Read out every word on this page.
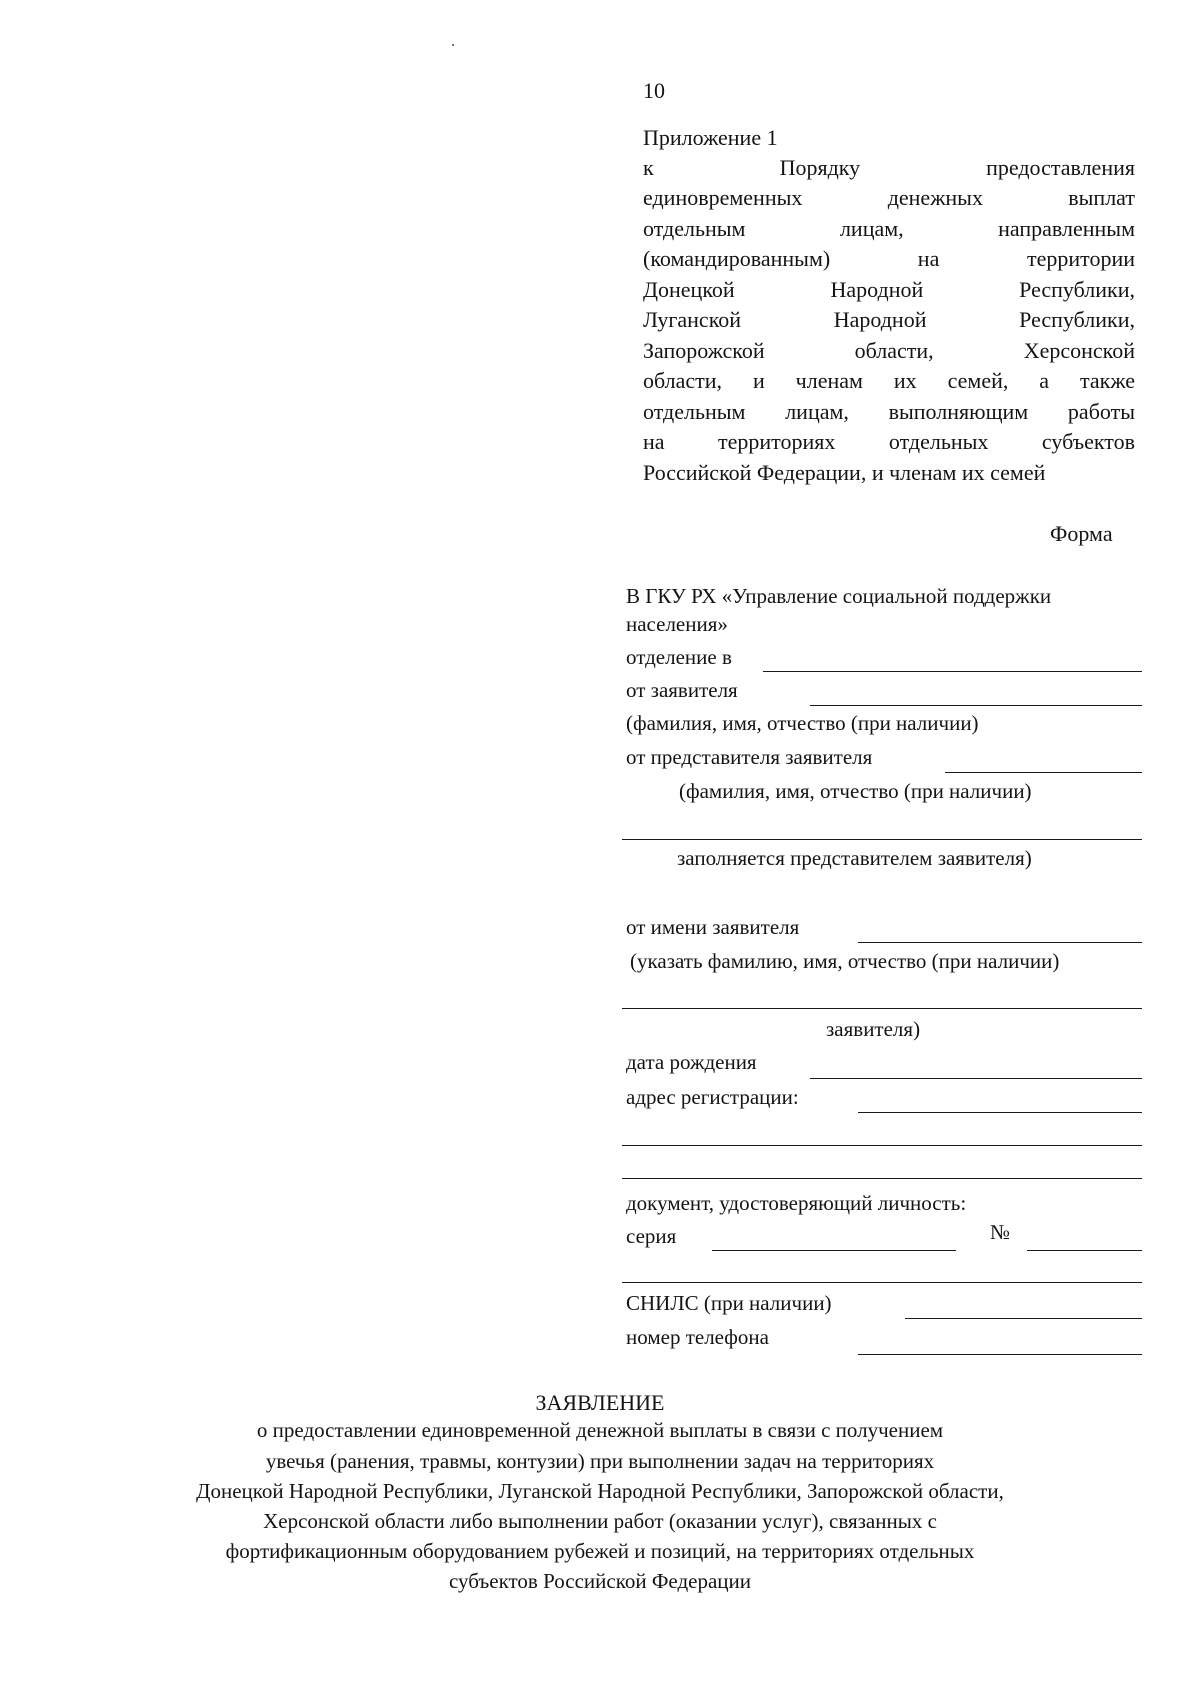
10
Приложение 1
к Порядку предоставления
единовременных денежных выплат
отдельным лицам, направленным
(командированным) на территории
Донецкой Народной Республики,
Луганской Народной Республики,
Запорожской области, Херсонской
области, и членам их семей, а также
отдельным лицам, выполняющим работы
на территориях отдельных субъектов
Российской Федерации, и членам их семей
Форма
В ГКУ РХ «Управление социальной поддержки
населения»
отделение в
от заявителя
(фамилия, имя, отчество (при наличии)
от представителя заявителя
(фамилия, имя, отчество (при наличии)
заполняется представителем заявителя)
от имени заявителя
(указать фамилию, имя, отчество (при наличии)
заявителя)
дата рождения
адрес регистрации:
документ, удостоверяющий личность:
серия	№
СНИЛС (при наличии)
номер телефона
ЗАЯВЛЕНИЕ
о предоставлении единовременной денежной выплаты в связи с получением
увечья (ранения, травмы, контузии) при выполнении задач на территориях
Донецкой Народной Республики, Луганской Народной Республики, Запорожской области,
Херсонской области либо выполнении работ (оказании услуг), связанных с
фортификационным оборудованием рубежей и позиций, на территориях отдельных
субъектов Российской Федерации
